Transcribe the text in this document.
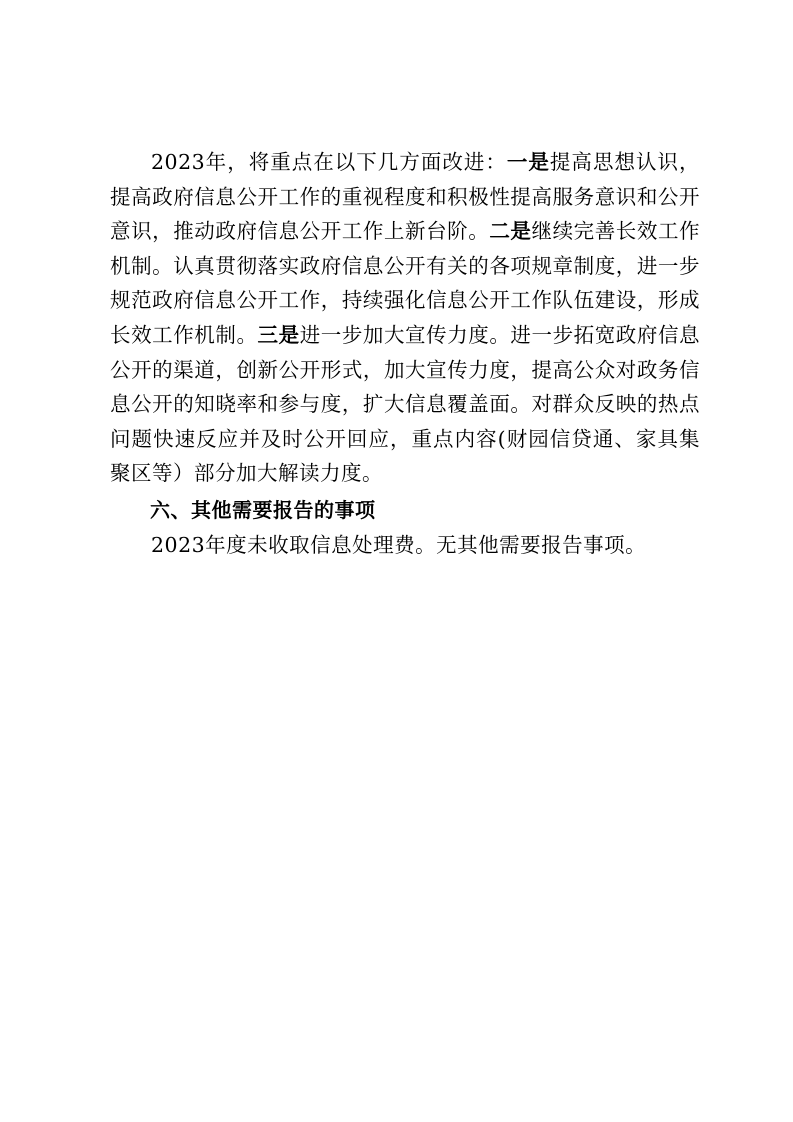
2023年，将重点在以下几方面改进：一是提高思想认识，提高政府信息公开工作的重视程度和积极性提高服务意识和公开意识，推动政府信息公开工作上新台阶。二是继续完善长效工作机制。认真贯彻落实政府信息公开有关的各项规章制度，进一步规范政府信息公开工作，持续强化信息公开工作队伍建设，形成长效工作机制。三是进一步加大宣传力度。进一步拓宽政府信息公开的渠道，创新公开形式，加大宣传力度，提高公众对政务信息公开的知晓率和参与度，扩大信息覆盖面。对群众反映的热点问题快速反应并及时公开回应，重点内容(财园信贷通、家具集聚区等）部分加大解读力度。

六、其他需要报告的事项

2023年度未收取信息处理费。无其他需要报告事项。
